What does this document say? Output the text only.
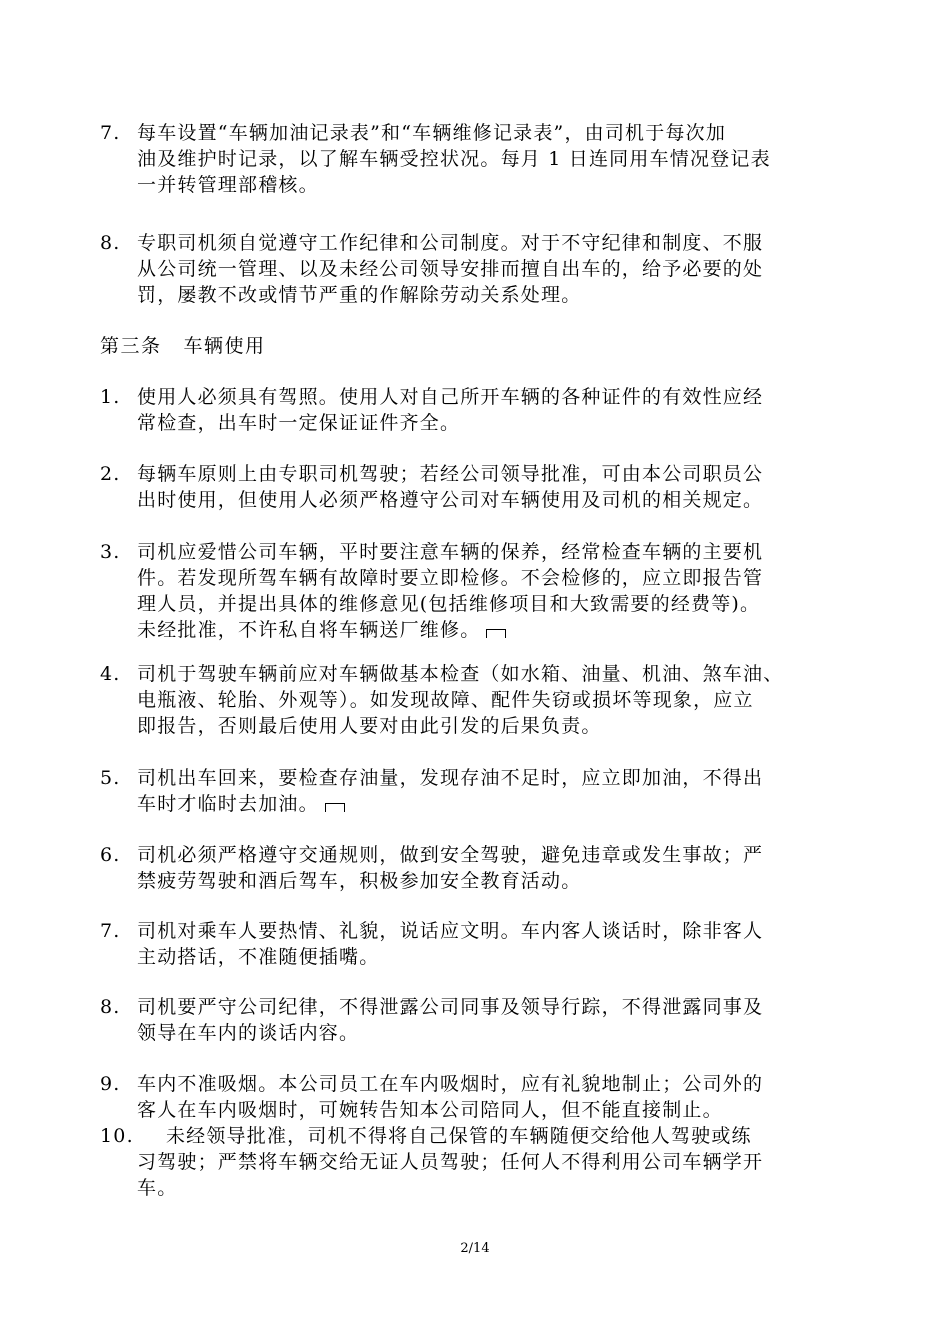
7. 每车设置“车辆加油记录表”和“车辆维修记录表”，由司机于每次加
油及维护时记录，以了解车辆受控状况。每月 1 日连同用车情况登记表
一并转管理部稽核。
8. 专职司机须自觉遵守工作纪律和公司制度。对于不守纪律和制度、不服
从公司统一管理、以及未经公司领导安排而擅自出车的，给予必要的处
罚，屡教不改或情节严重的作解除劳动关系处理。
第三条 车辆使用
1. 使用人必须具有驾照。使用人对自己所开车辆的各种证件的有效性应经
常检查，出车时一定保证证件齐全。
2. 每辆车原则上由专职司机驾驶；若经公司领导批准，可由本公司职员公
出时使用，但使用人必须严格遵守公司对车辆使用及司机的相关规定。
3. 司机应爱惜公司车辆，平时要注意车辆的保养，经常检查车辆的主要机
件。若发现所驾车辆有故障时要立即检修。不会检修的，应立即报告管
理人员，并提出具体的维修意见(包括维修项目和大致需要的经费等)。
未经批准，不许私自将车辆送厂维修。
4. 司机于驾驶车辆前应对车辆做基本检查（如水箱、油量、机油、煞车油、
电瓶液、轮胎、外观等）。如发现故障、配件失窃或损坏等现象，应立
即报告，否则最后使用人要对由此引发的后果负责。
5. 司机出车回来，要检查存油量，发现存油不足时，应立即加油，不得出
车时才临时去加油。
6. 司机必须严格遵守交通规则，做到安全驾驶，避免违章或发生事故；严
禁疲劳驾驶和酒后驾车，积极参加安全教育活动。
7. 司机对乘车人要热情、礼貌，说话应文明。车内客人谈话时，除非客人
主动搭话，不准随便插嘴。
8. 司机要严守公司纪律，不得泄露公司同事及领导行踪，不得泄露同事及
领导在车内的谈话内容。
9. 车内不准吸烟。本公司员工在车内吸烟时，应有礼貌地制止；公司外的
客人在车内吸烟时，可婉转告知本公司陪同人，但不能直接制止。
10. 未经领导批准，司机不得将自己保管的车辆随便交给他人驾驶或练
习驾驶；严禁将车辆交给无证人员驾驶；任何人不得利用公司车辆学开
车。
2/14
